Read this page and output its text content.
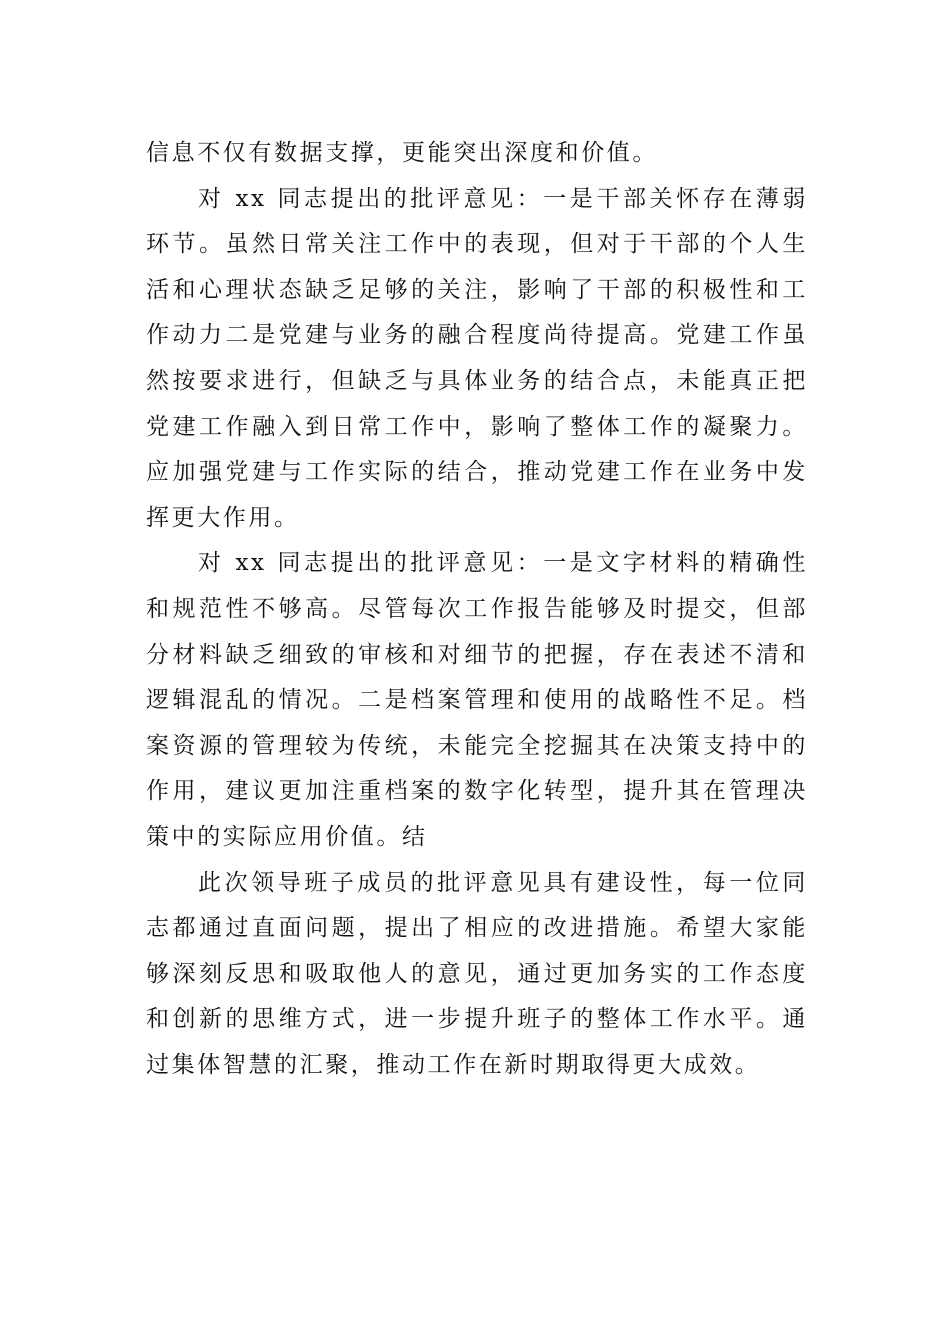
信息不仅有数据支撑，更能突出深度和价值。

对 xx 同志提出的批评意见：一是干部关怀存在薄弱环节。虽然日常关注工作中的表现，但对于干部的个人生活和心理状态缺乏足够的关注，影响了干部的积极性和工作动力二是党建与业务的融合程度尚待提高。党建工作虽然按要求进行，但缺乏与具体业务的结合点，未能真正把党建工作融入到日常工作中，影响了整体工作的凝聚力。应加强党建与工作实际的结合，推动党建工作在业务中发挥更大作用。

对 xx 同志提出的批评意见：一是文字材料的精确性和规范性不够高。尽管每次工作报告能够及时提交，但部分材料缺乏细致的审核和对细节的把握，存在表述不清和逻辑混乱的情况。二是档案管理和使用的战略性不足。档案资源的管理较为传统，未能完全挖掘其在决策支持中的作用，建议更加注重档案的数字化转型，提升其在管理决策中的实际应用价值。结

此次领导班子成员的批评意见具有建设性，每一位同志都通过直面问题，提出了相应的改进措施。希望大家能够深刻反思和吸取他人的意见，通过更加务实的工作态度和创新的思维方式，进一步提升班子的整体工作水平。通过集体智慧的汇聚，推动工作在新时期取得更大成效。
